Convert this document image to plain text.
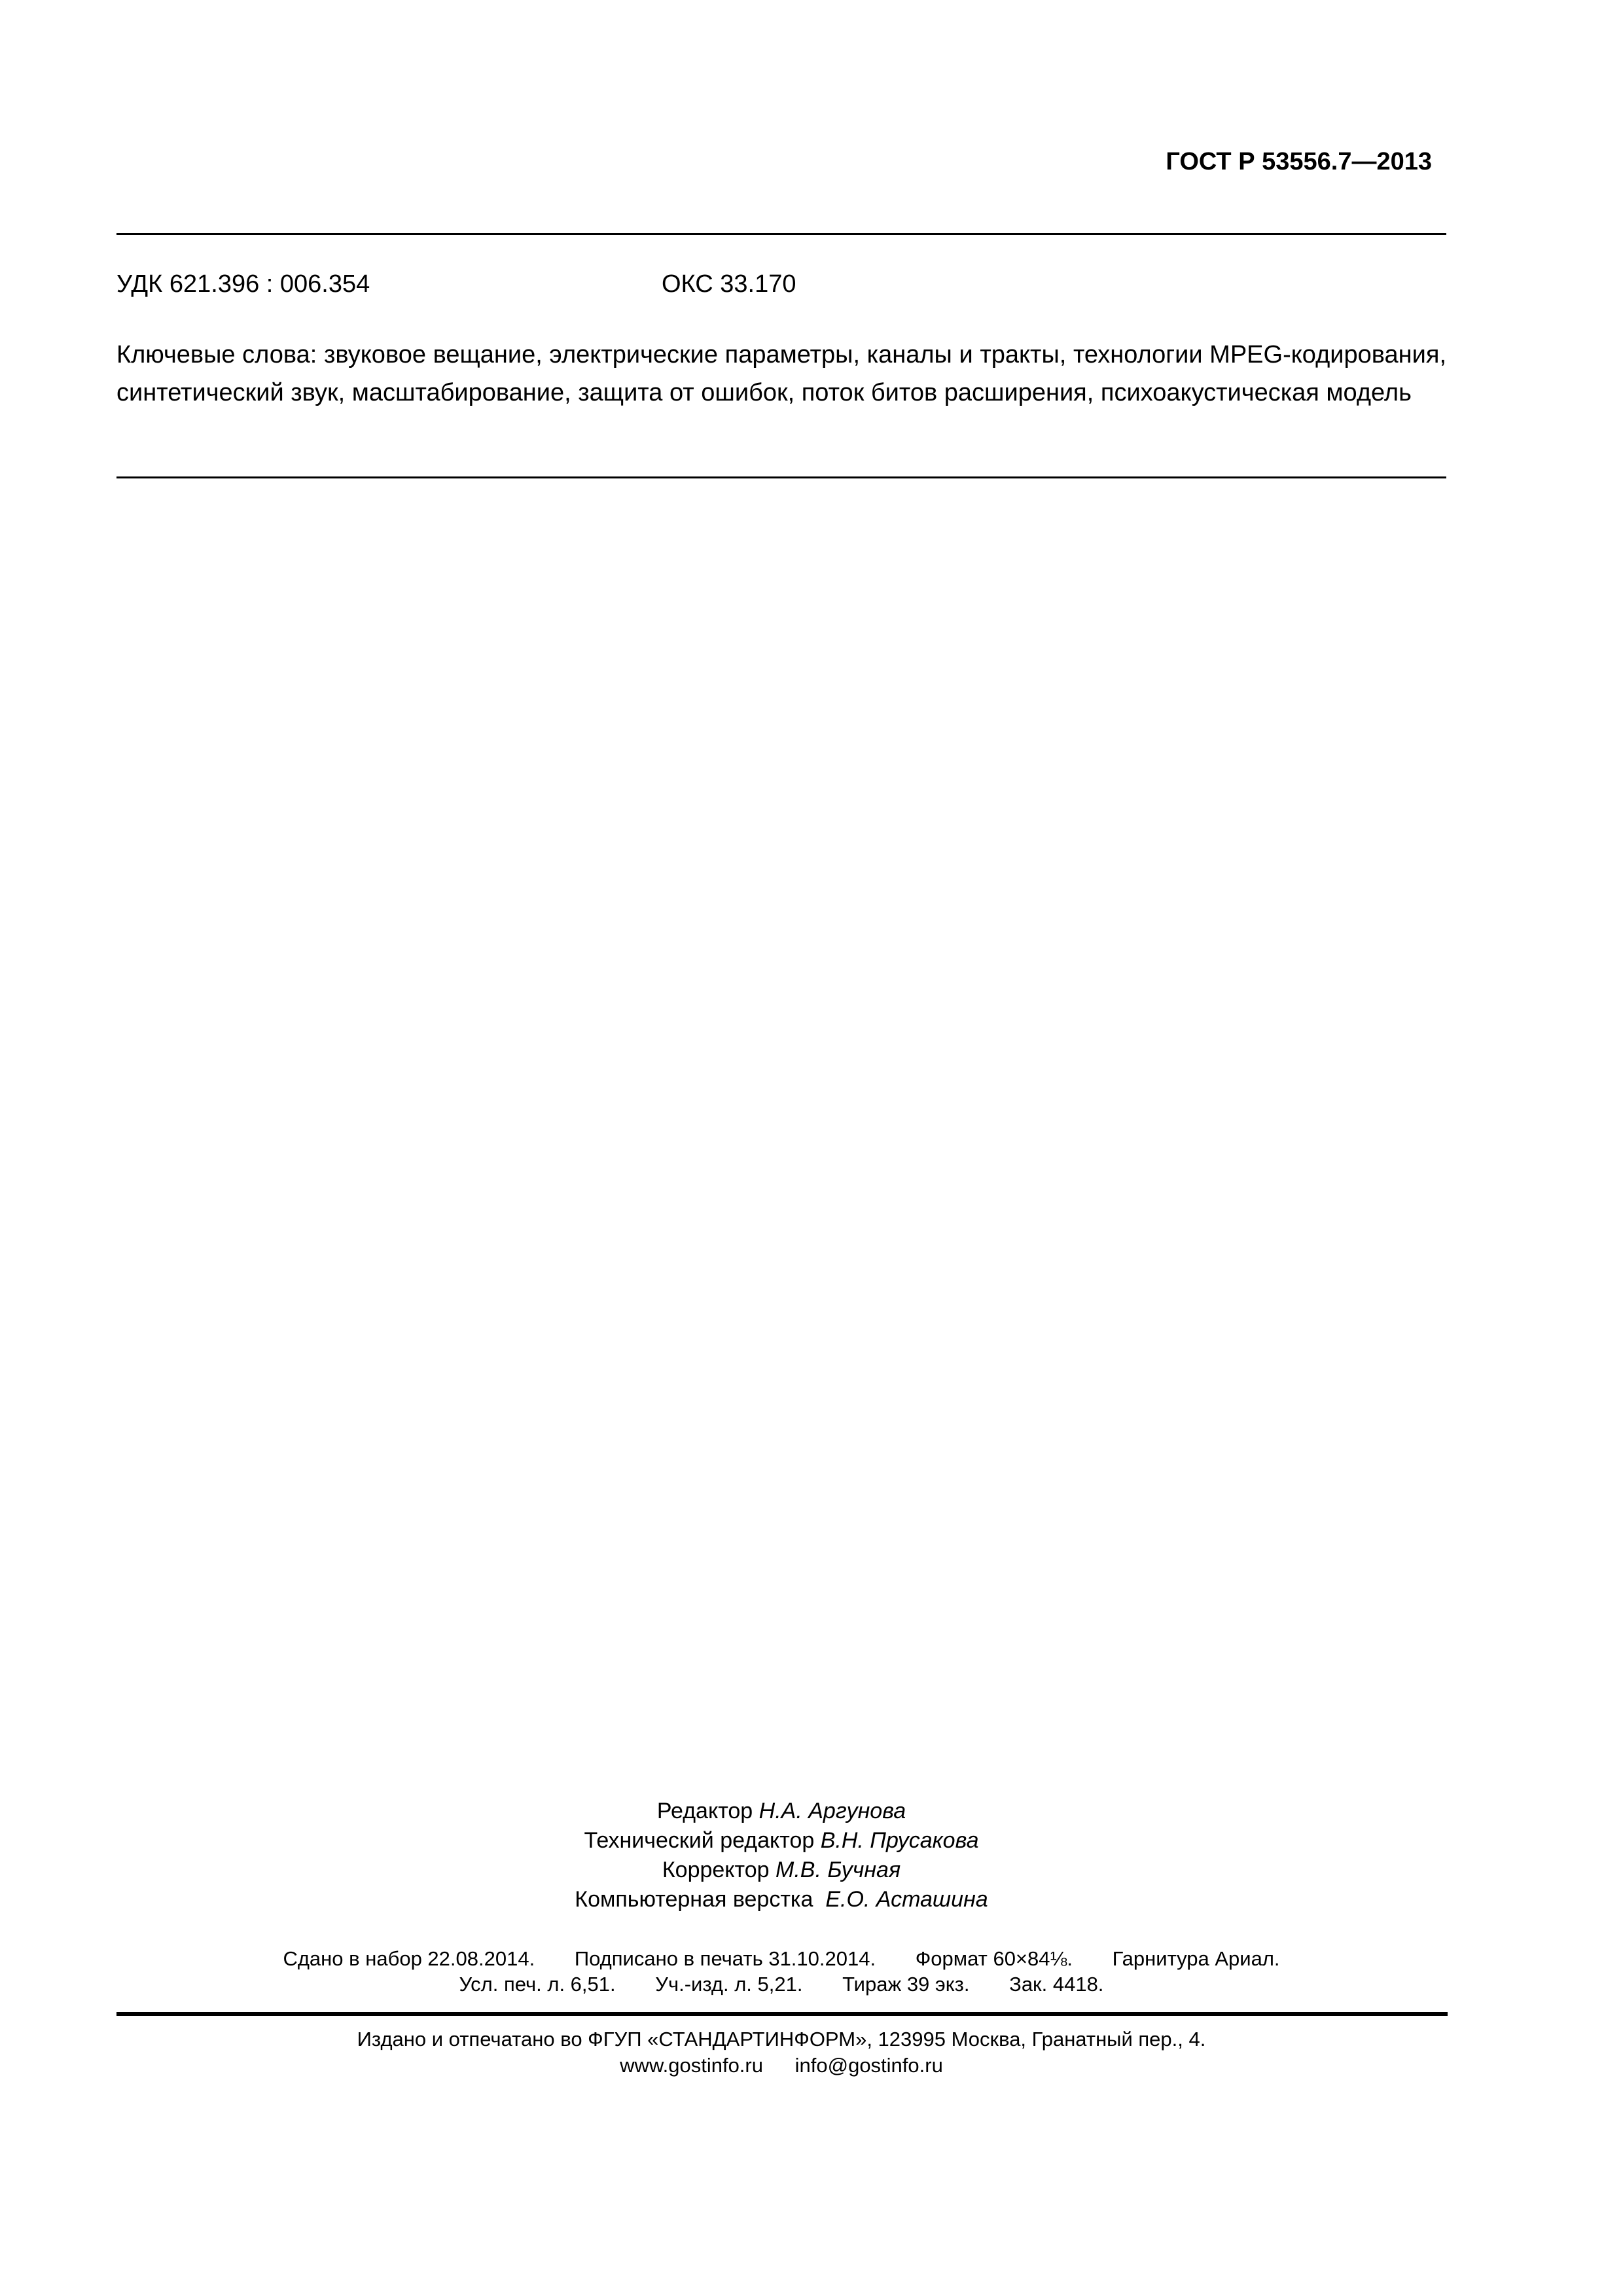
ГОСТ Р 53556.7—2013
УДК 621.396 : 006.354	ОКС 33.170
Ключевые слова: звуковое вещание, электрические параметры, каналы и тракты, технологии MPEG-кодирования, синтетический звук, масштабирование, защита от ошибок, поток битов расширения, психоакустическая модель
Редактор Н.А. Аргунова
Технический редактор В.Н. Прусакова
Корректор М.В. Бучная
Компьютерная верстка Е.О. Асташина
Сдано в набор 22.08.2014. Подписано в печать 31.10.2014. Формат 60×84⅛. Гарнитура Ариал.
Усл. печ. л. 6,51. Уч.-изд. л. 5,21. Тираж 39 экз. Зак. 4418.
Издано и отпечатано во ФГУП «СТАНДАРТИНФОРМ», 123995 Москва, Гранатный пер., 4.
www.gostinfo.ru info@gostinfo.ru
